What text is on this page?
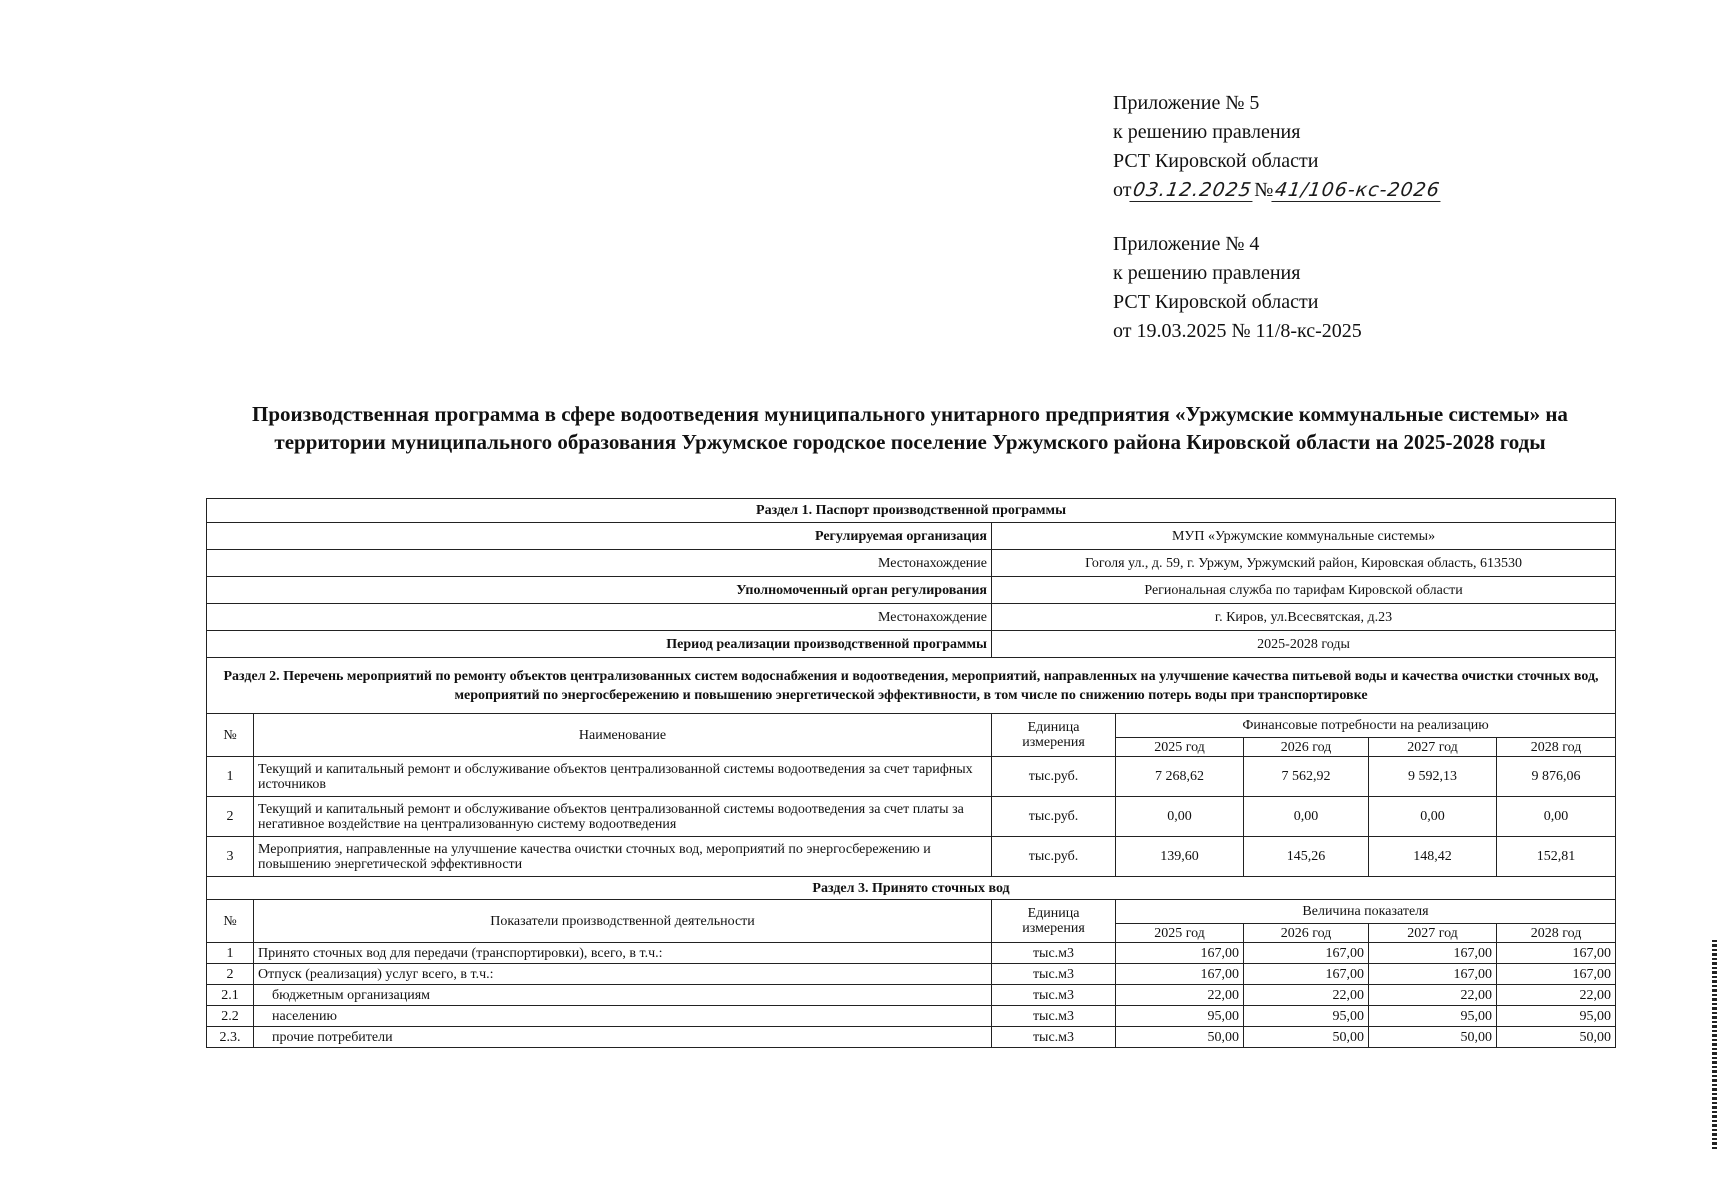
Приложение № 5
к решению правления
РСТ Кировской области
от03.12.2025№41/106-кс-2026
Приложение № 4
к решению правления
РСТ Кировской области
от 19.03.2025 № 11/8-кс-2025
Производственная программа в сфере водоотведения муниципального унитарного предприятия «Уржумские коммунальные системы» на территории муниципального образования Уржумское городское поселение Уржумского района Кировской области на 2025-2028 годы
Раздел 1. Паспорт производственной программы						
Регулируемая организация		МУП «Уржумские коммунальные системы»				
Местонахождение		Гоголя ул., д. 59, г. Уржум, Уржумский район, Кировская область, 613530				
Уполномоченный орган регулирования		Региональная служба по тарифам Кировской области				
Местонахождение		г. Киров, ул.Всесвятская, д.23				
Период реализации производственной программы		2025-2028 годы				
Раздел 2. Перечень мероприятий по ремонту объектов централизованных систем водоснабжения и водоотведения, мероприятий, направленных на улучшение качества питьевой воды и качества очистки сточных вод, мероприятий по энергосбережению и повышению энергетической эффективности, в том числе по снижению потерь воды при транспортировке						
№	Наименование	Единица измерения	Финансовые потребности на реализацию			
			2025 год	2026 год	2027 год	2028 год
1	Текущий и капитальный ремонт и обслуживание объектов централизованной системы водоотведения за счет тарифных источников	тыс.руб.	7 268,62	7 562,92	9 592,13	9 876,06
2	Текущий и капитальный ремонт и обслуживание объектов централизованной системы водоотведения за счет платы за негативное воздействие на централизованную систему водоотведения	тыс.руб.	0,00	0,00	0,00	0,00
3	Мероприятия, направленные на улучшение качества очистки сточных вод, мероприятий по энергосбережению и повышению энергетической эффективности	тыс.руб.	139,60	145,26	148,42	152,81
Раздел 3. Принято сточных вод						
№	Показатели производственной деятельности	Единица измерения	Величина показателя			
			2025 год	2026 год	2027 год	2028 год
1	Принято сточных вод для передачи (транспортировки), всего, в т.ч.:	тыс.м3	167,00	167,00	167,00	167,00
2	Отпуск (реализация) услуг всего, в т.ч.:	тыс.м3	167,00	167,00	167,00	167,00
2.1	бюджетным организациям	тыс.м3	22,00	22,00	22,00	22,00
2.2	населению	тыс.м3	95,00	95,00	95,00	95,00
2.3.	прочие потребители	тыс.м3	50,00	50,00	50,00	50,00
